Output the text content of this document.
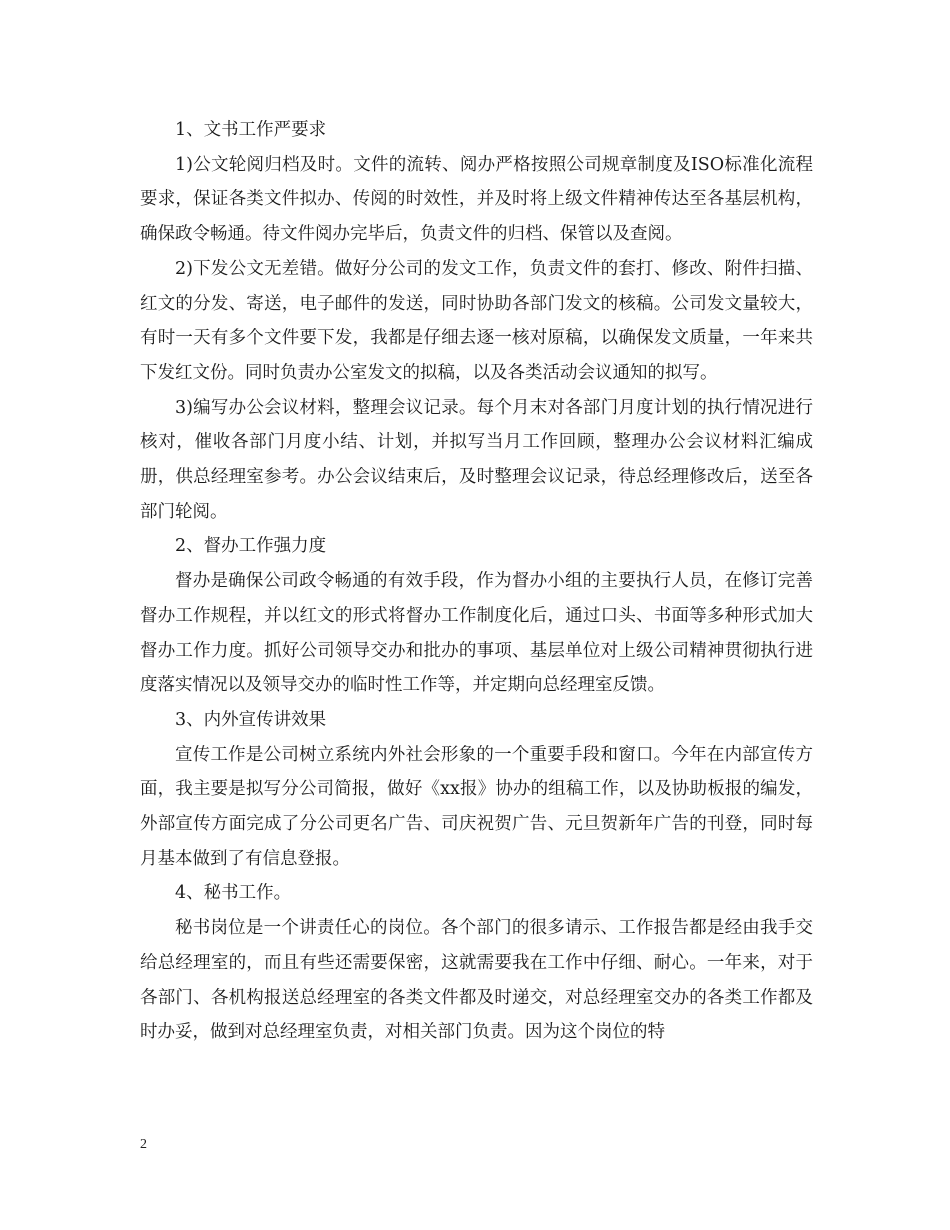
1、文书工作严要求

1)公文轮阅归档及时。文件的流转、阅办严格按照公司规章制度及ISO标准化流程要求，保证各类文件拟办、传阅的时效性，并及时将上级文件精神传达至各基层机构，确保政令畅通。待文件阅办完毕后，负责文件的归档、保管以及查阅。

2)下发公文无差错。做好分公司的发文工作，负责文件的套打、修改、附件扫描、红文的分发、寄送，电子邮件的发送，同时协助各部门发文的核稿。公司发文量较大，有时一天有多个文件要下发，我都是仔细去逐一核对原稿，以确保发文质量，一年来共下发红文份。同时负责办公室发文的拟稿，以及各类活动会议通知的拟写。

3)编写办公会议材料，整理会议记录。每个月末对各部门月度计划的执行情况进行核对，催收各部门月度小结、计划，并拟写当月工作回顾，整理办公会议材料汇编成册，供总经理室参考。办公会议结束后，及时整理会议记录，待总经理修改后，送至各部门轮阅。

2、督办工作强力度

督办是确保公司政令畅通的有效手段，作为督办小组的主要执行人员，在修订完善督办工作规程，并以红文的形式将督办工作制度化后，通过口头、书面等多种形式加大督办工作力度。抓好公司领导交办和批办的事项、基层单位对上级公司精神贯彻执行进度落实情况以及领导交办的临时性工作等，并定期向总经理室反馈。

3、内外宣传讲效果

宣传工作是公司树立系统内外社会形象的一个重要手段和窗口。今年在内部宣传方面，我主要是拟写分公司简报，做好《xx报》协办的组稿工作，以及协助板报的编发，外部宣传方面完成了分公司更名广告、司庆祝贺广告、元旦贺新年广告的刊登，同时每月基本做到了有信息登报。

4、秘书工作。

秘书岗位是一个讲责任心的岗位。各个部门的很多请示、工作报告都是经由我手交给总经理室的，而且有些还需要保密，这就需要我在工作中仔细、耐心。一年来，对于各部门、各机构报送总经理室的各类文件都及时递交，对总经理室交办的各类工作都及时办妥，做到对总经理室负责，对相关部门负责。因为这个岗位的特

2
